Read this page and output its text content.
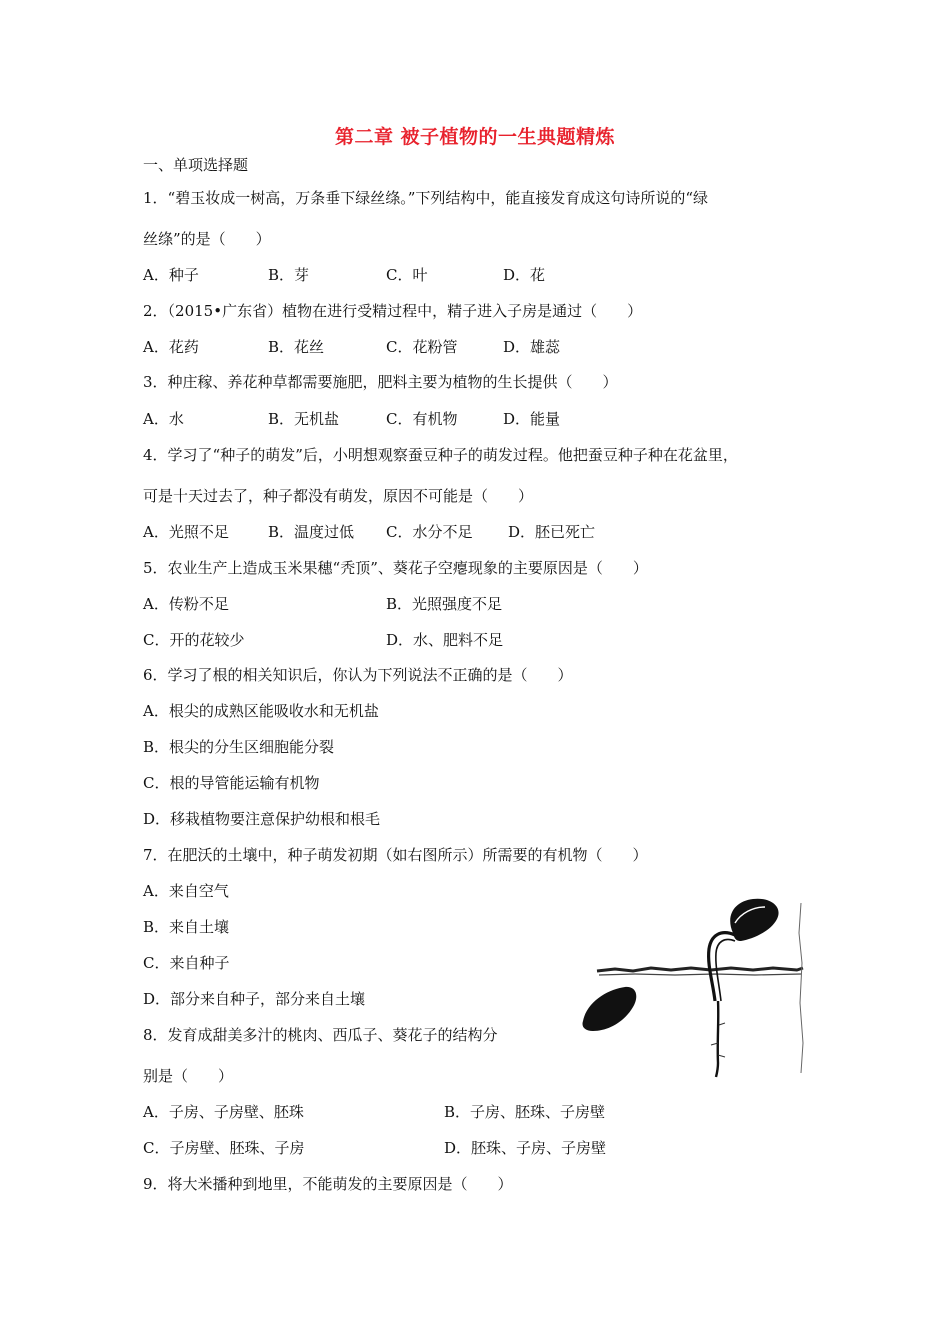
第二章 被子植物的一生典题精炼
一、单项选择题
1．“碧玉妆成一树高，万条垂下绿丝绦。”下列结构中，能直接发育成这句诗所说的“绿
丝绦”的是（　　）
A．种子	B．芽	C．叶	D．花
2．（2015•广东省）植物在进行受精过程中，精子进入子房是通过（　　）
A．花药	B．花丝	C．花粉管	D．雄蕊
3．种庄稼、养花种草都需要施肥，肥料主要为植物的生长提供（　　）
A．水	B．无机盐	C．有机物	D．能量
4．学习了“种子的萌发”后，小明想观察蚕豆种子的萌发过程。他把蚕豆种子种在花盆里，
可是十天过去了，种子都没有萌发，原因不可能是（　　）
A．光照不足	B．温度过低 C．水分不足 D．胚已死亡
5．农业生产上造成玉米果穗“秃顶”、葵花子空瘪现象的主要原因是（　　）
A．传粉不足	B．光照强度不足
C．开的花较少	D．水、肥料不足
6．学习了根的相关知识后，你认为下列说法不正确的是（　　）
A．根尖的成熟区能吸收水和无机盐
B．根尖的分生区细胞能分裂
C．根的导管能运输有机物
D．移栽植物要注意保护幼根和根毛
7．在肥沃的土壤中，种子萌发初期（如右图所示）所需要的有机物（　　）
A．来自空气
B．来自土壤
C．来自种子
D．部分来自种子，部分来自土壤
8．发育成甜美多汁的桃肉、西瓜子、葵花子的结构分
别是（　　）
A．子房、子房壁、胚珠	B．子房、胚珠、子房壁
C．子房壁、胚珠、子房	D．胚珠、子房、子房壁
9．将大米播种到地里，不能萌发的主要原因是（　　）
